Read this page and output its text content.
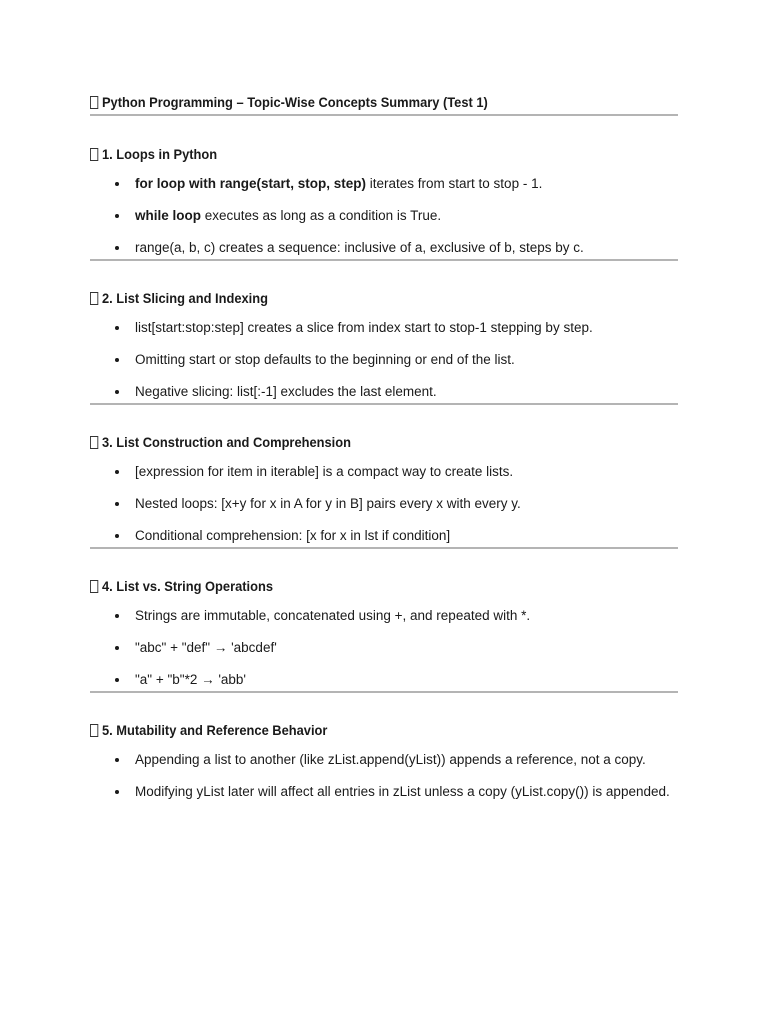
Python Programming – Topic-Wise Concepts Summary (Test 1)
1. Loops in Python
for loop with range(start, stop, step) iterates from start to stop - 1.
while loop executes as long as a condition is True.
range(a, b, c) creates a sequence: inclusive of a, exclusive of b, steps by c.
2. List Slicing and Indexing
list[start:stop:step] creates a slice from index start to stop-1 stepping by step.
Omitting start or stop defaults to the beginning or end of the list.
Negative slicing: list[:-1] excludes the last element.
3. List Construction and Comprehension
[expression for item in iterable] is a compact way to create lists.
Nested loops: [x+y for x in A for y in B] pairs every x with every y.
Conditional comprehension: [x for x in lst if condition]
4. List vs. String Operations
Strings are immutable, concatenated using +, and repeated with *.
"abc" + "def" → 'abcdef'
"a" + "b"*2 → 'abb'
5. Mutability and Reference Behavior
Appending a list to another (like zList.append(yList)) appends a reference, not a copy.
Modifying yList later will affect all entries in zList unless a copy (yList.copy()) is appended.
